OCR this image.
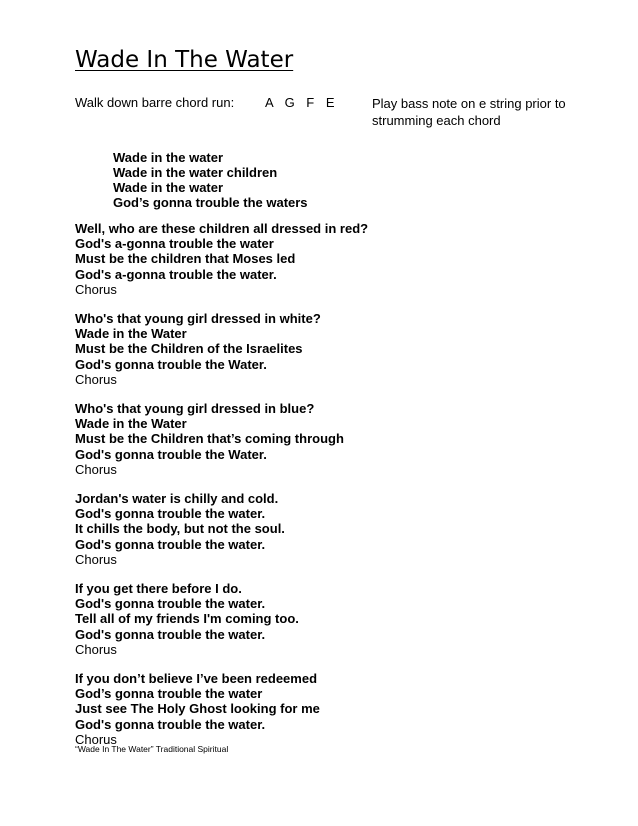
Wade In The Water
Walk down barre chord run: A G F E	Play bass note on e string prior to strumming each chord
Wade in the water
Wade in the water children
Wade in the water
God’s gonna trouble the waters
Well, who are these children all dressed in red?
God's a-gonna trouble the water
Must be the children that Moses led
God's a-gonna trouble the water.
Chorus
Who's that young girl dressed in white?
Wade in the Water
Must be the Children of the Israelites
God's gonna trouble the Water.
Chorus
Who's that young girl dressed in blue?
Wade in the Water
Must be the Children that’s coming through
God's gonna trouble the Water.
Chorus
Jordan's water is chilly and cold.
God's gonna trouble the water.
It chills the body, but not the soul.
God's gonna trouble the water.
Chorus
If you get there before I do.
God's gonna trouble the water.
Tell all of my friends I'm coming too.
God's gonna trouble the water.
Chorus
If you don’t believe I’ve been redeemed
God’s gonna trouble the water
Just see The Holy Ghost looking for me
God's gonna trouble the water.
Chorus
“Wade In The Water” Traditional Spiritual
